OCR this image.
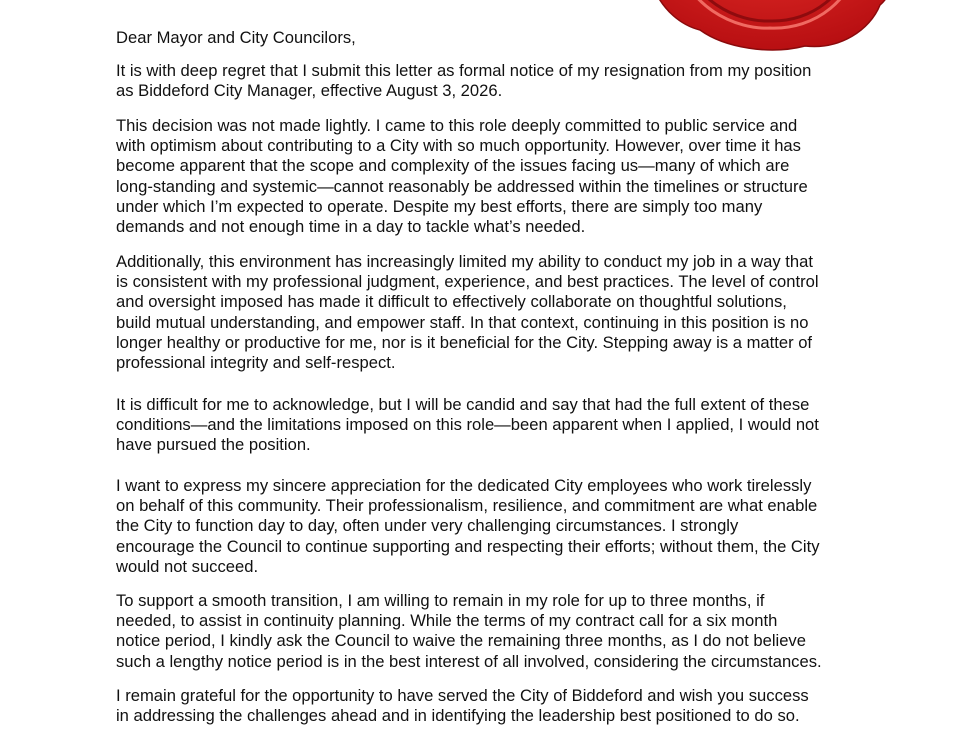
Dear Mayor and City Councilors,
It is with deep regret that I submit this letter as formal notice of my resignation from my position
as Biddeford City Manager, effective August 3, 2026.
This decision was not made lightly. I came to this role deeply committed to public service and
with optimism about contributing to a City with so much opportunity. However, over time it has
become apparent that the scope and complexity of the issues facing us—many of which are
long-standing and systemic—cannot reasonably be addressed within the timelines or structure
under which I’m expected to operate. Despite my best efforts, there are simply too many
demands and not enough time in a day to tackle what’s needed.
Additionally, this environment has increasingly limited my ability to conduct my job in a way that
is consistent with my professional judgment, experience, and best practices. The level of control
and oversight imposed has made it difficult to effectively collaborate on thoughtful solutions,
build mutual understanding, and empower staff. In that context, continuing in this position is no
longer healthy or productive for me, nor is it beneficial for the City. Stepping away is a matter of
professional integrity and self-respect.
It is difficult for me to acknowledge, but I will be candid and say that had the full extent of these
conditions—and the limitations imposed on this role—been apparent when I applied, I would not
have pursued the position.
I want to express my sincere appreciation for the dedicated City employees who work tirelessly
on behalf of this community. Their professionalism, resilience, and commitment are what enable
the City to function day to day, often under very challenging circumstances. I strongly
encourage the Council to continue supporting and respecting their efforts; without them, the City
would not succeed.
To support a smooth transition, I am willing to remain in my role for up to three months, if
needed, to assist in continuity planning. While the terms of my contract call for a six month
notice period, I kindly ask the Council to waive the remaining three months, as I do not believe
such a lengthy notice period is in the best interest of all involved, considering the circumstances.
I remain grateful for the opportunity to have served the City of Biddeford and wish you success
in addressing the challenges ahead and in identifying the leadership best positioned to do so.
